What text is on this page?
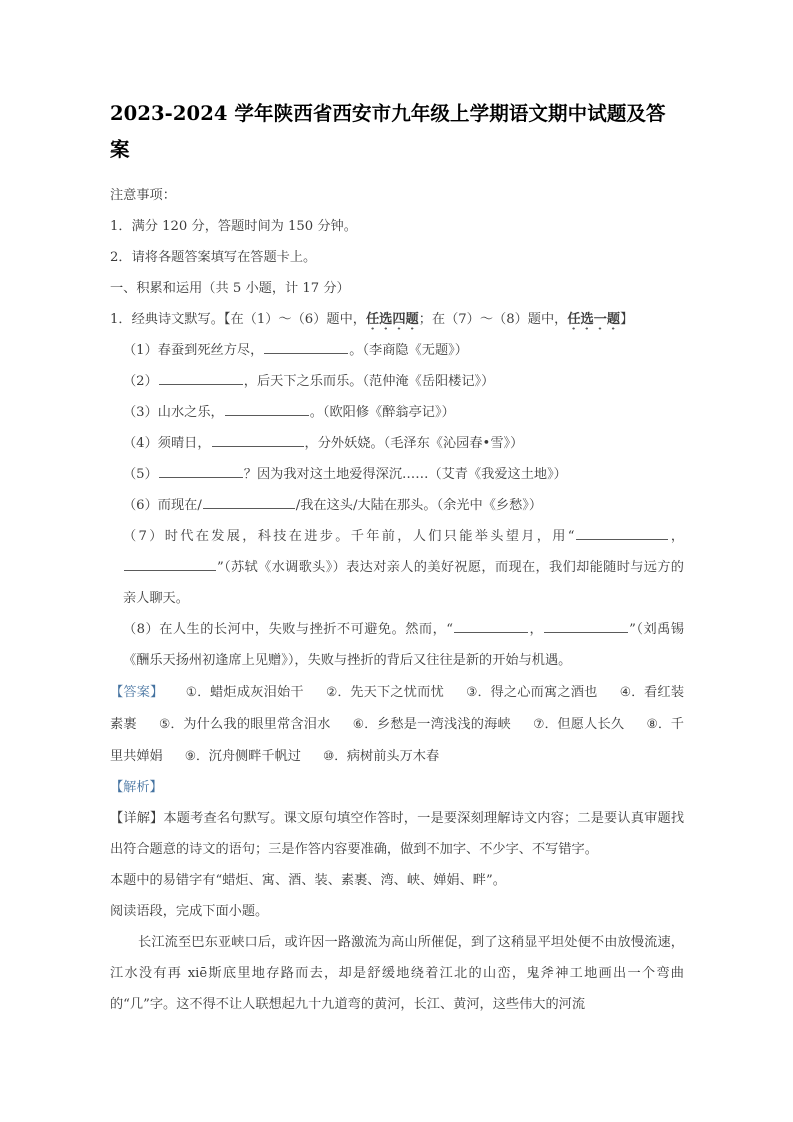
2023-2024 学年陕西省西安市九年级上学期语文期中试题及答案

注意事项：

1．满分 120 分，答题时间为 150 分钟。

2．请将各题答案填写在答题卡上。

一、积累和运用（共 5 小题，计 17 分）

1．经典诗文默写。【在（1）～（6）题中，任选四题；在（7）～（8）题中，任选一题】

（1）春蚕到死丝方尽，	。（李商隐《无题》）

（2）	，后天下之乐而乐。（范仲淹《岳阳楼记》）

（3）山水之乐，	。（欧阳修《醉翁亭记》）

（4）须晴日，	，分外妖娆。（毛泽东《沁园春•雪》）

（5）	？因为我对这土地爱得深沉……（艾青《我爱这土地》）

（6）而现在/	/我在这头/大陆在那头。（余光中《乡愁》）

（7）时代在发展，科技在进步。千年前，人们只能举头望月，用“	，”（苏轼《水调歌头》）表达对亲人的美好祝愿，而现在，我们却能随时与远方的亲人聊天。

（8）在人生的长河中，失败与挫折不可避免。然而，“	，	”（刘禹锡《酬乐天扬州初逢席上见赠》），失败与挫折的背后又往往是新的开始与机遇。

【答案】 ①．蜡炬成灰泪始干 ②．先天下之忧而忧 ③．得之心而寓之酒也 ④．看红装素裹 ⑤．为什么我的眼里常含泪水 ⑥．乡愁是一湾浅浅的海峡 ⑦．但愿人长久 ⑧．千里共婵娟 ⑨．沉舟侧畔千帆过 ⑩．病树前头万木春

【解析】

【详解】本题考查名句默写。课文原句填空作答时，一是要深刻理解诗文内容；二是要认真审题找出符合题意的诗文的语句；三是作答内容要准确，做到不加字、不少字、不写错字。

本题中的易错字有“蜡炬、寓、酒、装、素裹、湾、峡、婵娟、畔”。

阅读语段，完成下面小题。

长江流至巴东亚峡口后，或许因一路激流为高山所催促，到了这稍显平坦处便不由放慢流速，江水没有再 xiē斯底里地存路而去，却是舒缓地绕着江北的山峦，鬼斧神工地画出一个弯曲的“几”字。这不得不让人联想起九十九道弯的黄河，长江、黄河，这些伟大的河流
